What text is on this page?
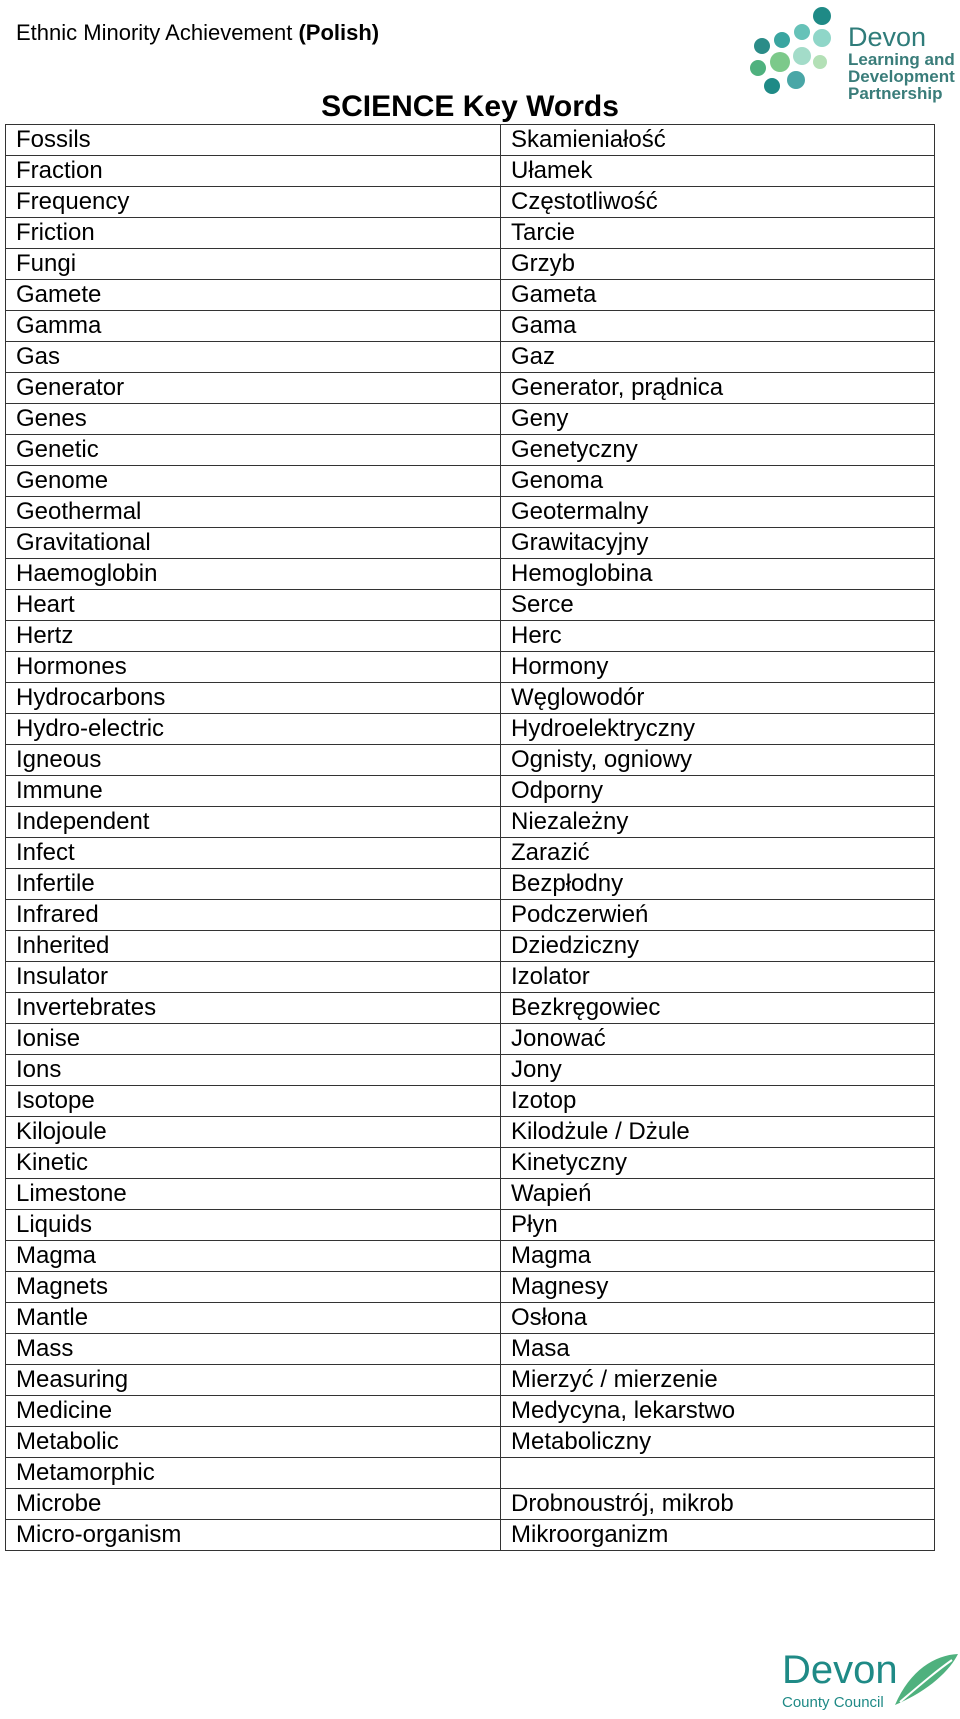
Ethnic Minority Achievement (Polish)	Devon
Learning and
Development
Partnership
SCIENCE Key Words
Fossils	Skamieniałość
Fraction	Ułamek
Frequency	Częstotliwość
Friction	Tarcie
Fungi	Grzyb
Gamete	Gameta
Gamma	Gama
Gas	Gaz
Generator	Generator, prądnica
Genes	Geny
Genetic	Genetyczny
Genome	Genoma
Geothermal	Geotermalny
Gravitational	Grawitacyjny
Haemoglobin	Hemoglobina
Heart	Serce
Hertz	Herc
Hormones	Hormony
Hydrocarbons	Węglowodór
Hydro-electric	Hydroelektryczny
Igneous	Ognisty, ogniowy
Immune	Odporny
Independent	Niezależny
Infect	Zarazić
Infertile	Bezpłodny
Infrared	Podczerwień
Inherited	Dziedziczny
Insulator	Izolator
Invertebrates	Bezkręgowiec
Ionise	Jonować
Ions	Jony
Isotope	Izotop
Kilojoule	Kilodżule / Dżule
Kinetic	Kinetyczny
Limestone	Wapień
Liquids	Płyn
Magma	Magma
Magnets	Magnesy
Mantle	Osłona
Mass	Masa
Measuring	Mierzyć / mierzenie
Medicine	Medycyna, lekarstwo
Metabolic	Metaboliczny
Metamorphic	
Microbe	Drobnoustrój, mikrob
Micro-organism	Mikroorganizm
Devon
County Council
